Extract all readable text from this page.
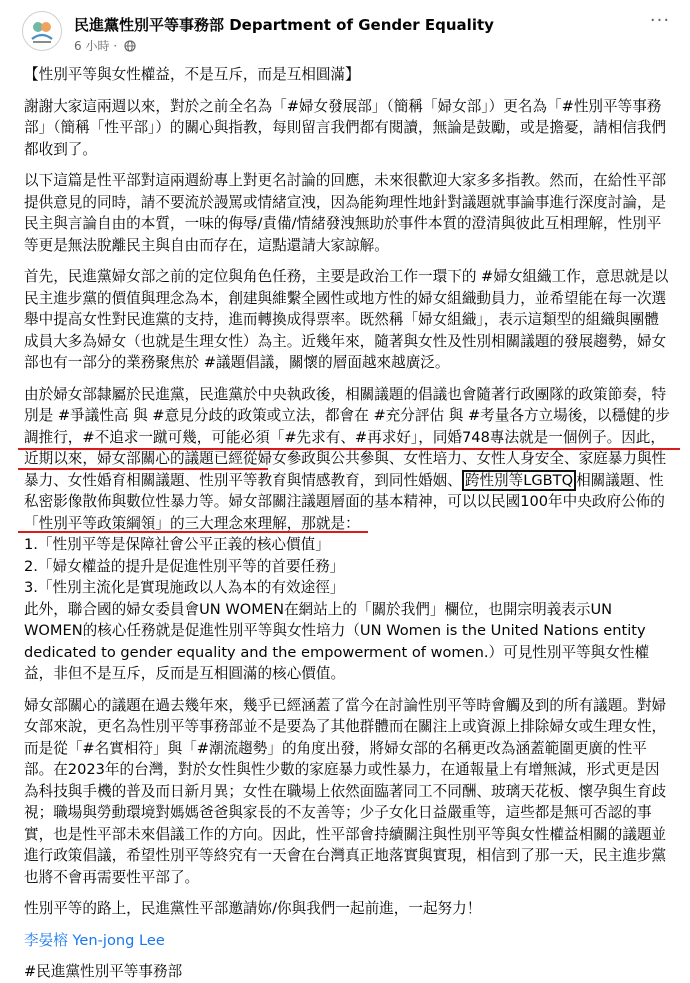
民進黨性別平等事務部 Department of Gender Equality
6 小時 ·
···

【性別平等與女性權益，不是互斥，而是互相圓滿】

謝謝大家這兩週以來，對於之前全名為「#婦女發展部」（簡稱「婦女部」）更名為「#性別平等事務部」（簡稱「性平部」）的關心與指教，每則留言我們都有閱讀，無論是鼓勵，或是擔憂，請相信我們都收到了。

以下這篇是性平部對這兩週紛專上對更名討論的回應，未來很歡迎大家多多指教。然而，在給性平部提供意見的同時，請不要流於謾罵或情緒宣洩，因為能夠理性地針對議題就事論事進行深度討論，是民主與言論自由的本質，一味的侮辱/責備/情緒發洩無助於事件本質的澄清與彼此互相理解，性別平等更是無法脫離民主與自由而存在，這點還請大家諒解。

首先，民進黨婦女部之前的定位與角色任務，主要是政治工作一環下的 #婦女組織工作，意思就是以民主進步黨的價值與理念為本，創建與維繫全國性或地方性的婦女組織動員力，並希望能在每一次選舉中提高女性對民進黨的支持，進而轉換成得票率。既然稱「婦女組織」，表示這類型的組織與團體成員大多為婦女（也就是生理女性）為主。近幾年來，隨著與女性及性別相關議題的發展趨勢，婦女部也有一部分的業務聚焦於 #議題倡議，關懷的層面越來越廣泛。

由於婦女部隸屬於民進黨，民進黨於中央執政後，相關議題的倡議也會隨著行政團隊的政策節奏，特別是 #爭議性高 與 #意見分歧的政策或立法，都會在 #充分評估 與 #考量各方立場後，以穩健的步調推行，#不追求一蹴可幾，可能必須「#先求有、#再求好」，同婚748專法就是一個例子。因此，近期以來，婦女部關心的議題已經從婦女參政與公共參與、女性培力、女性人身安全、家庭暴力與性暴力、女性婚育相關議題、性別平等教育與情感教育，到同性婚姻、 跨性別等LGBTQ 相關議題、性私密影像散佈與數位性暴力等。婦女部關注議題層面的基本精神，可以以民國100年中央政府公佈的「性別平等政策綱領」的三大理念來理解，那就是：

1.「性別平等是保障社會公平正義的核心價值」

2.「婦女權益的提升是促進性別平等的首要任務」

3.「性別主流化是實現施政以人為本的有效途徑」

此外，聯合國的婦女委員會UN WOMEN在網站上的「關於我們」欄位，也開宗明義表示UN WOMEN的核心任務就是促進性別平等與女性培力（UN Women is the United Nations entity dedicated to gender equality and the empowerment of women.）可見性別平等與女性權益，非但不是互斥，反而是互相圓滿的核心價值。

婦女部關心的議題在過去幾年來，幾乎已經涵蓋了當今在討論性別平等時會觸及到的所有議題。對婦女部來說，更名為性別平等事務部並不是要為了其他群體而在關注上或資源上排除婦女或生理女性，而是從「#名實相符」與「#潮流趨勢」的角度出發，將婦女部的名稱更改為涵蓋範圍更廣的性平部。在2023年的台灣，對於女性與性少數的家庭暴力或性暴力，在通報量上有增無減，形式更是因為科技與手機的普及而日新月異；女性在職場上依然面臨著同工不同酬、玻璃天花板、懷孕與生育歧視；職場與勞動環境對媽媽爸爸與家長的不友善等；少子女化日益嚴重等，這些都是無可否認的事實，也是性平部未來倡議工作的方向。因此，性平部會持續關注與性別平等與女性權益相關的議題並進行政策倡議，希望性別平等終究有一天會在台灣真正地落實與實現，相信到了那一天，民主進步黨也將不會再需要性平部了。

性別平等的路上，民進黨性平部邀請妳/你與我們一起前進，一起努力！

李晏榕 Yen-jong Lee

#民進黨性別平等事務部
